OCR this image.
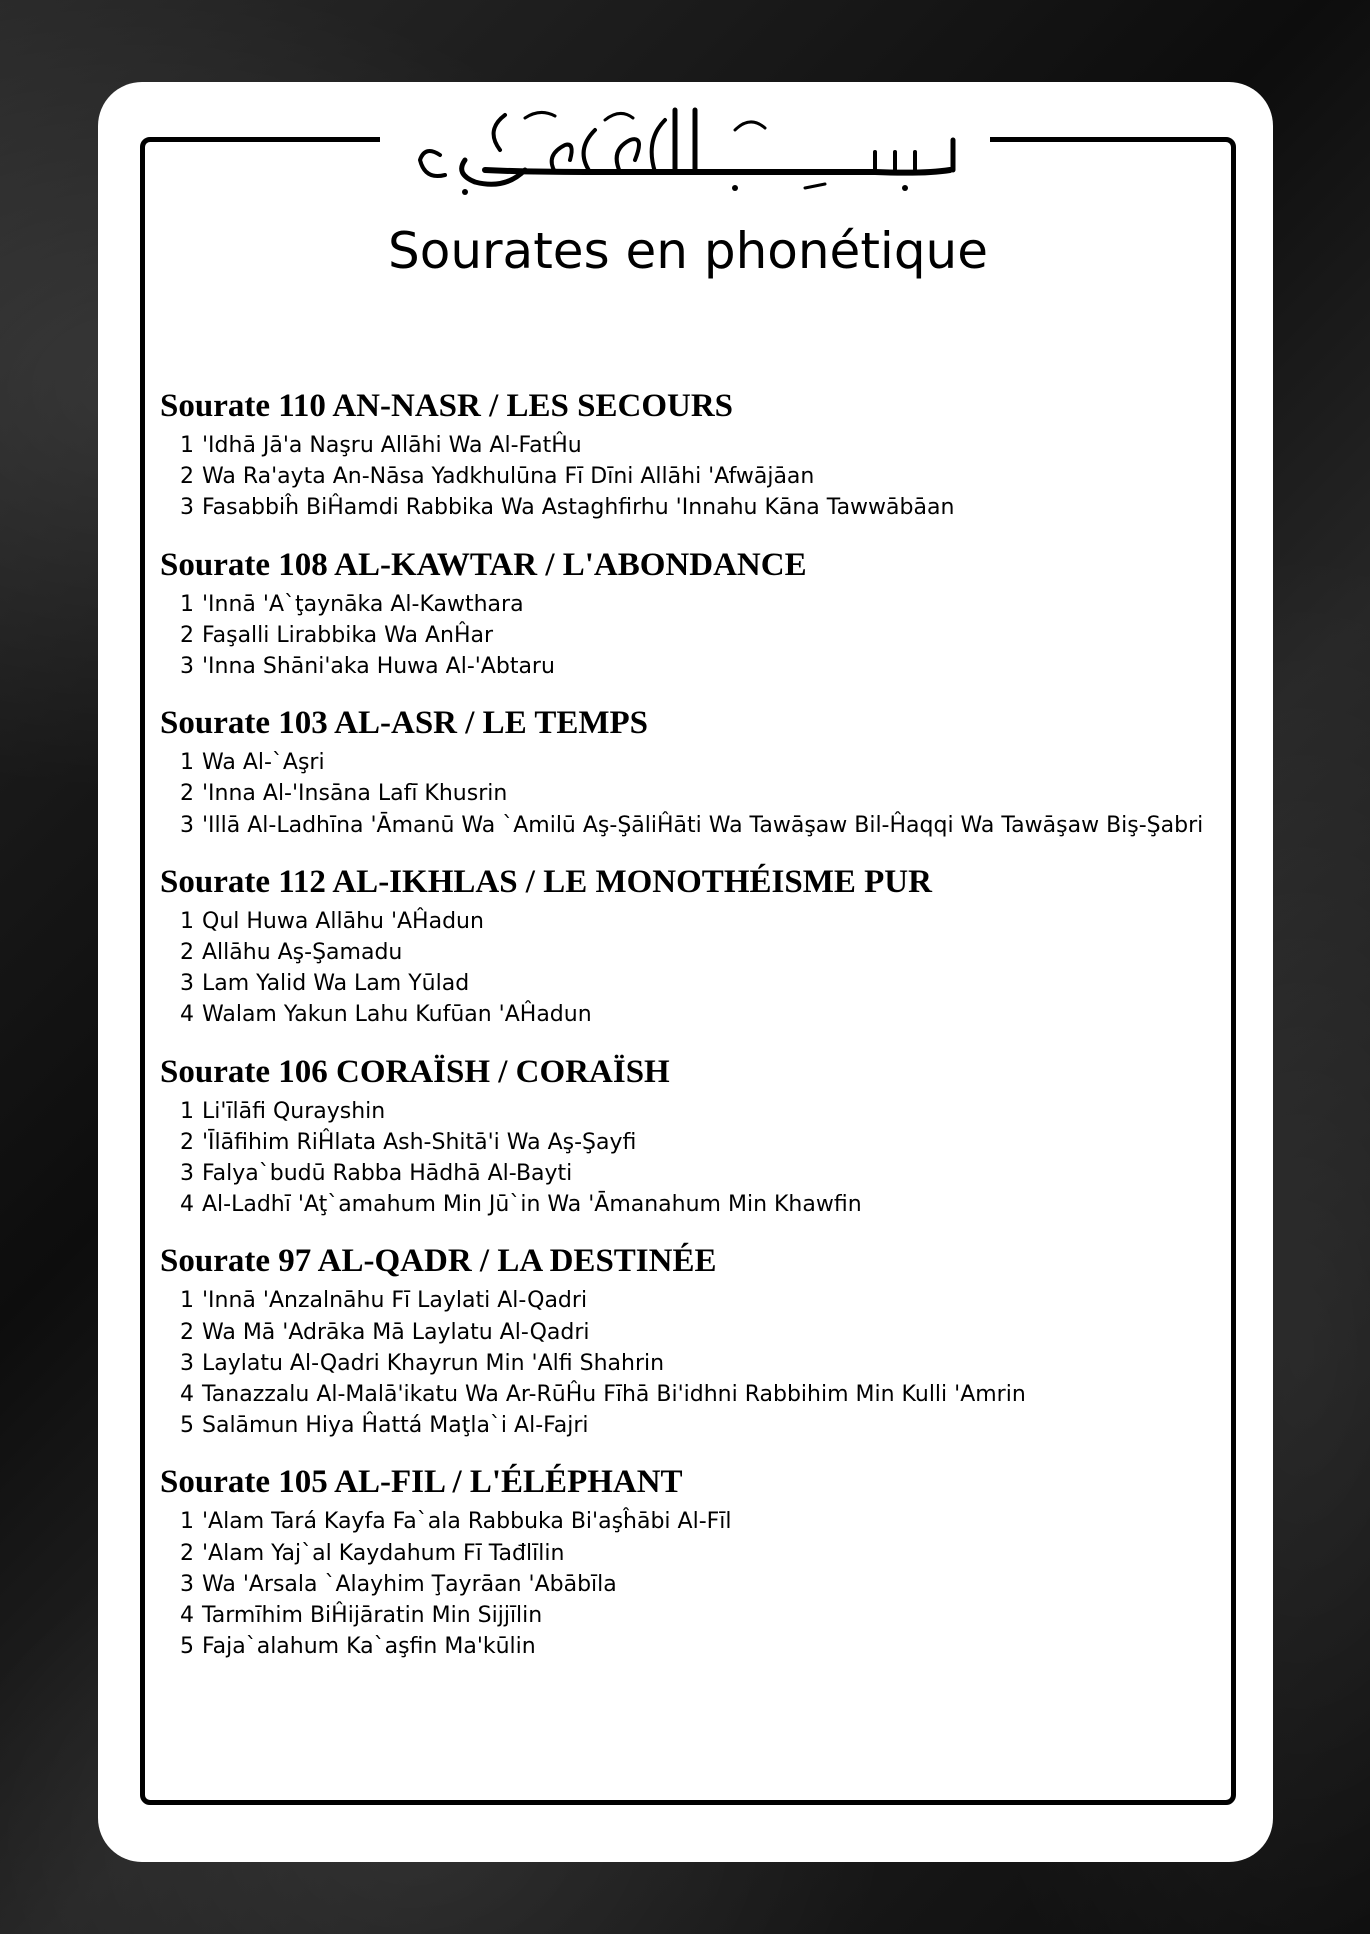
Sourates en phonétique
Sourate 110 AN-NASR / LES SECOURS
1 'Idhā Jā'a Naşru Allāhi Wa Al-FatĤu
2 Wa Ra'ayta An-Nāsa Yadkhulūna Fī Dīni Allāhi 'Afwājāan
3 Fasabbiĥ BiĤamdi Rabbika Wa Astaghfirhu 'Innahu Kāna Tawwābāan
Sourate 108 AL-KAWTAR / L'ABONDANCE
1 'Innā 'A`ţaynāka Al-Kawthara
2 Faşalli Lirabbika Wa AnĤar
3 'Inna Shāni'aka Huwa Al-'Abtaru
Sourate 103 AL-ASR / LE TEMPS
1 Wa Al-`Aşri
2 'Inna Al-'Insāna Lafī Khusrin
3 'Illā Al-Ladhīna 'Āmanū Wa `Amilū Aş-ŞāliĤāti Wa Tawāşaw Bil-Ĥaqqi Wa Tawāşaw Biş-Şabri
Sourate 112 AL-IKHLAS / LE MONOTHÉISME PUR
1 Qul Huwa Allāhu 'AĤadun
2 Allāhu Aş-Şamadu
3 Lam Yalid Wa Lam Yūlad
4 Walam Yakun Lahu Kufūan 'AĤadun
Sourate 106 CORAÏSH / CORAÏSH
1 Li'īlāfi Qurayshin
2 'Īlāfihim RiĤlata Ash-Shitā'i Wa Aş-Şayfi
3 Falya`budū Rabba Hādhā Al-Bayti
4 Al-Ladhī 'Aţ`amahum Min Jū`in Wa 'Āmanahum Min Khawfin
Sourate 97 AL-QADR / LA DESTINÉE
1 'Innā 'Anzalnāhu Fī Laylati Al-Qadri
2 Wa Mā 'Adrāka Mā Laylatu Al-Qadri
3 Laylatu Al-Qadri Khayrun Min 'Alfi Shahrin
4 Tanazzalu Al-Malā'ikatu Wa Ar-RūĤu Fīhā Bi'idhni Rabbihim Min Kulli 'Amrin
5 Salāmun Hiya Ĥattá Maţla`i Al-Fajri
Sourate 105 AL-FIL / L'ÉLÉPHANT
1 'Alam Tará Kayfa Fa`ala Rabbuka Bi'aşĥābi Al-Fīl
2 'Alam Yaj`al Kaydahum Fī Tađlīlin
3 Wa 'Arsala `Alayhim Ţayrāan 'Abābīla
4 Tarmīhim BiĤijāratin Min Sijjīlin
5 Faja`alahum Ka`aşfin Ma'kūlin
